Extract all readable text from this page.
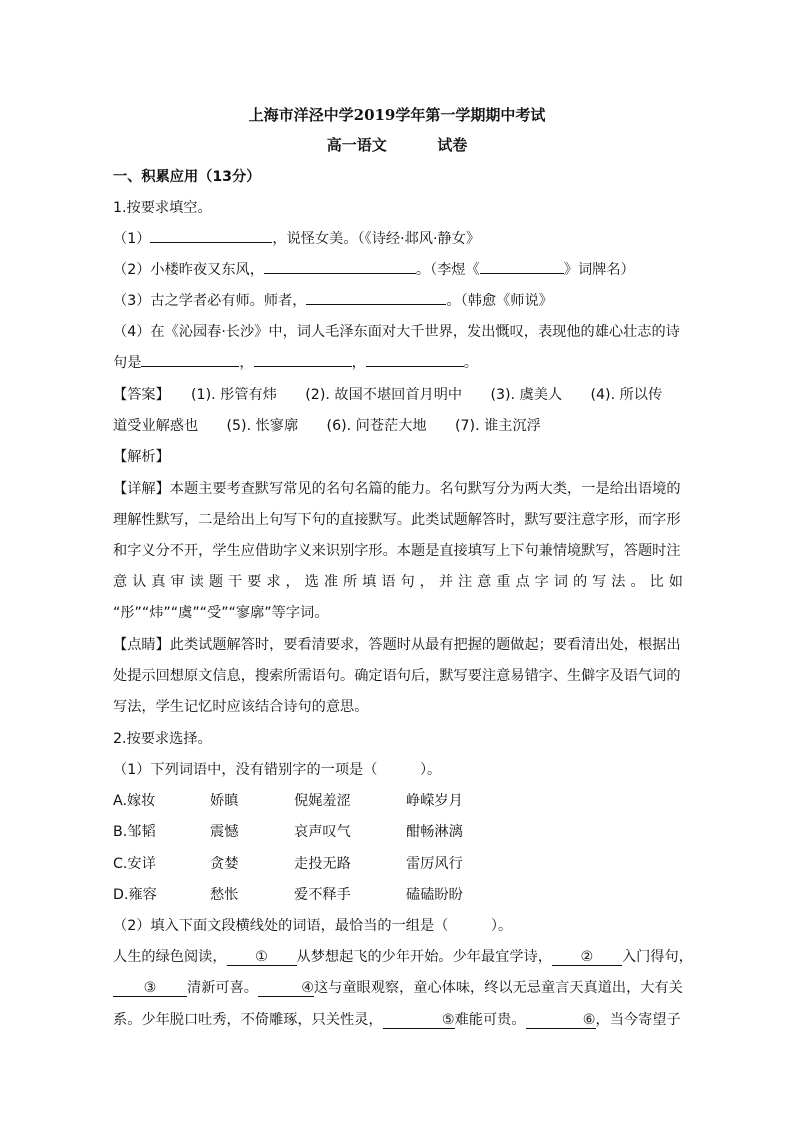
上海市洋泾中学2019学年第一学期期中考试
高一语文	试卷
一、积累应用（13分）
1.按要求填空。
（1）	，说怪女美。（《诗经·邶风·静女》
（2）小楼昨夜又东风，	。（李煜《	》词牌名）
（3）古之学者必有师。师者，	。（韩愈《师说》
（4）在《沁园春·长沙》中，词人毛泽东面对大千世界，发出慨叹，表现他的雄心壮志的诗
句是	，	，	。
【答案】　　(1). 彤管有炜　　(2). 故国不堪回首月明中　　(3). 虞美人　　(4). 所以传
道受业解惑也　　(5). 怅寥廓　　(6). 问苍茫大地　　(7). 谁主沉浮
【解析】
【详解】本题主要考查默写常见的名句名篇的能力。名句默写分为两大类，一是给出语境的
理解性默写，二是给出上句写下句的直接默写。此类试题解答时，默写要注意字形，而字形
和字义分不开，学生应借助字义来识别字形。本题是直接填写上下句兼情境默写，答题时注
意认真审读题干要求，选准所填语句，并注意重点字词的写法。比如
“彤”“炜”“虞”“受”“寥廓”等字词。
【点睛】此类试题解答时，要看清要求，答题时从最有把握的题做起；要看清出处，根据出
处提示回想原文信息，搜索所需语句。确定语句后，默写要注意易错字、生僻字及语气词的
写法，学生记忆时应该结合诗句的意思。
2.按要求选择。
（1）下列词语中，没有错别字的一项是（　　　）。
A.嫁妆	娇瞋	倪娓羞涩	峥嵘岁月
B.邹韬	震憾	哀声叹气	酣畅淋漓
C.安详	贪婪	走投无路	雷厉风行
D.雍容	愁怅	爱不释手	磕磕盼盼
（2）填入下面文段横线处的词语，最恰当的一组是（　　　）。
人生的绿色阅读， ① 从梦想起飞的少年开始。少年最宜学诗， ② 入门得句，
③ 清新可喜。	④这与童眼观察，童心体味，终以无忌童言天真道出，大有关
系。少年脱口吐秀，不倚雕琢，只关性灵，	⑤难能可贵。	⑥，当今寄望子
